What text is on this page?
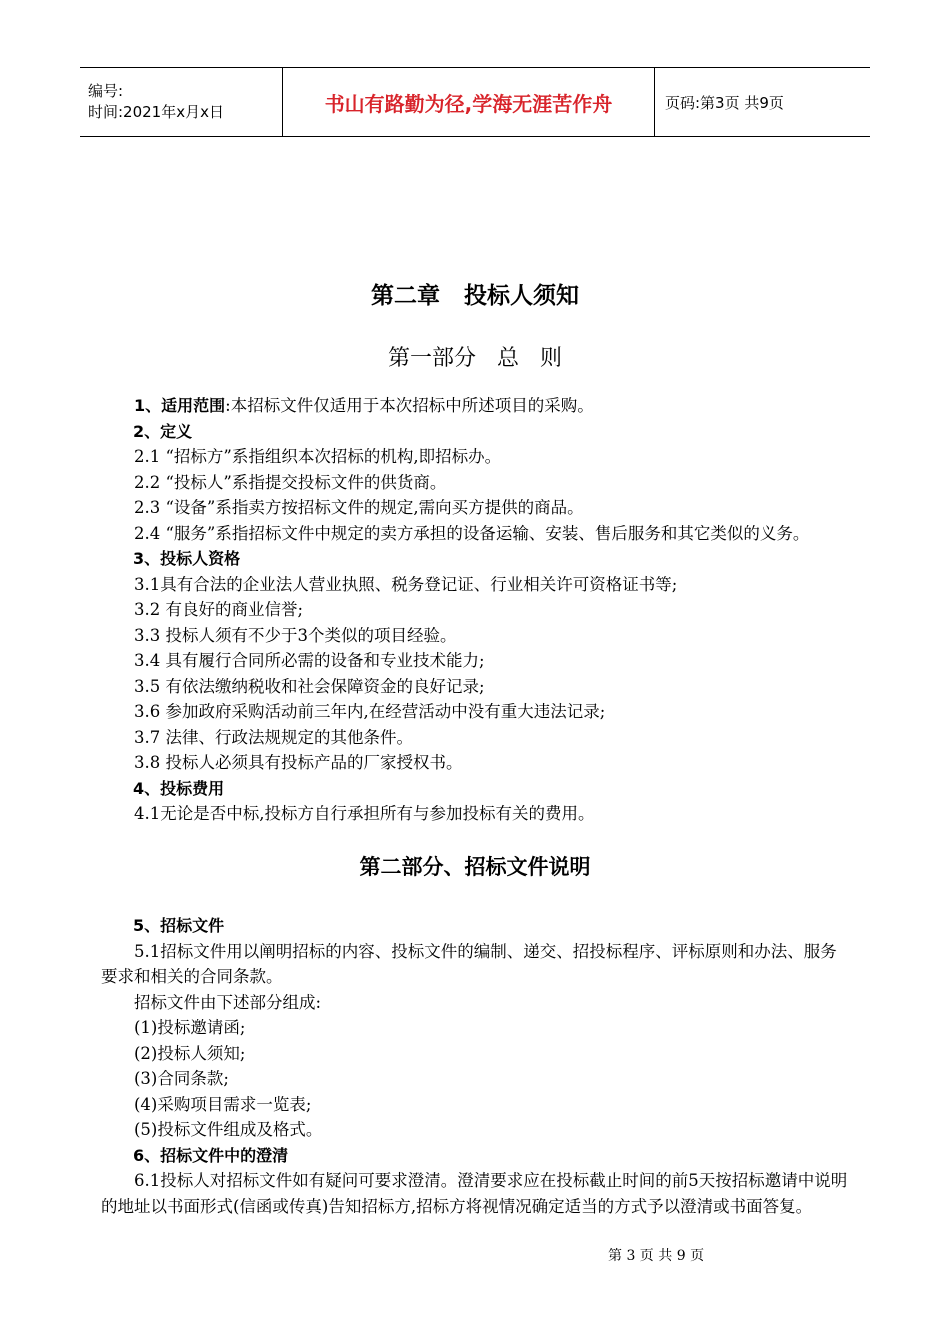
编号:
时间:2021年x月x日	书山有路勤为径,学海无涯苦作舟	页码:第3页 共9页
第二章   投标人须知
第一部分   总   则

1、适用范围:本招标文件仅适用于本次招标中所述项目的采购。

2、定义

2.1 “招标方”系指组织本次招标的机构,即招标办。

2.2 “投标人”系指提交投标文件的供货商。

2.3 “设备”系指卖方按招标文件的规定,需向买方提供的商品。

2.4 “服务”系指招标文件中规定的卖方承担的设备运输、安装、售后服务和其它类似的义务。

3、投标人资格

3.1具有合法的企业法人营业执照、税务登记证、行业相关许可资格证书等;

3.2 有良好的商业信誉;

3.3 投标人须有不少于3个类似的项目经验。

3.4 具有履行合同所必需的设备和专业技术能力;

3.5 有依法缴纳税收和社会保障资金的良好记录;

3.6 参加政府采购活动前三年内,在经营活动中没有重大违法记录;

3.7 法律、行政法规规定的其他条件。

3.8 投标人必须具有投标产品的厂家授权书。

4、投标费用

4.1无论是否中标,投标方自行承担所有与参加投标有关的费用。

第二部分、招标文件说明

5、招标文件

5.1招标文件用以阐明招标的内容、投标文件的编制、递交、招投标程序、评标原则和办法、服务要求和相关的合同条款。

招标文件由下述部分组成:

(1)投标邀请函;

(2)投标人须知;

(3)合同条款;

(4)采购项目需求一览表;

(5)投标文件组成及格式。

6、招标文件中的澄清

6.1投标人对招标文件如有疑问可要求澄清。澄清要求应在投标截止时间的前5天按招标邀请中说明的地址以书面形式(信函或传真)告知招标方,招标方将视情况确定适当的方式予以澄清或书面答复。

第 3 页 共 9 页
